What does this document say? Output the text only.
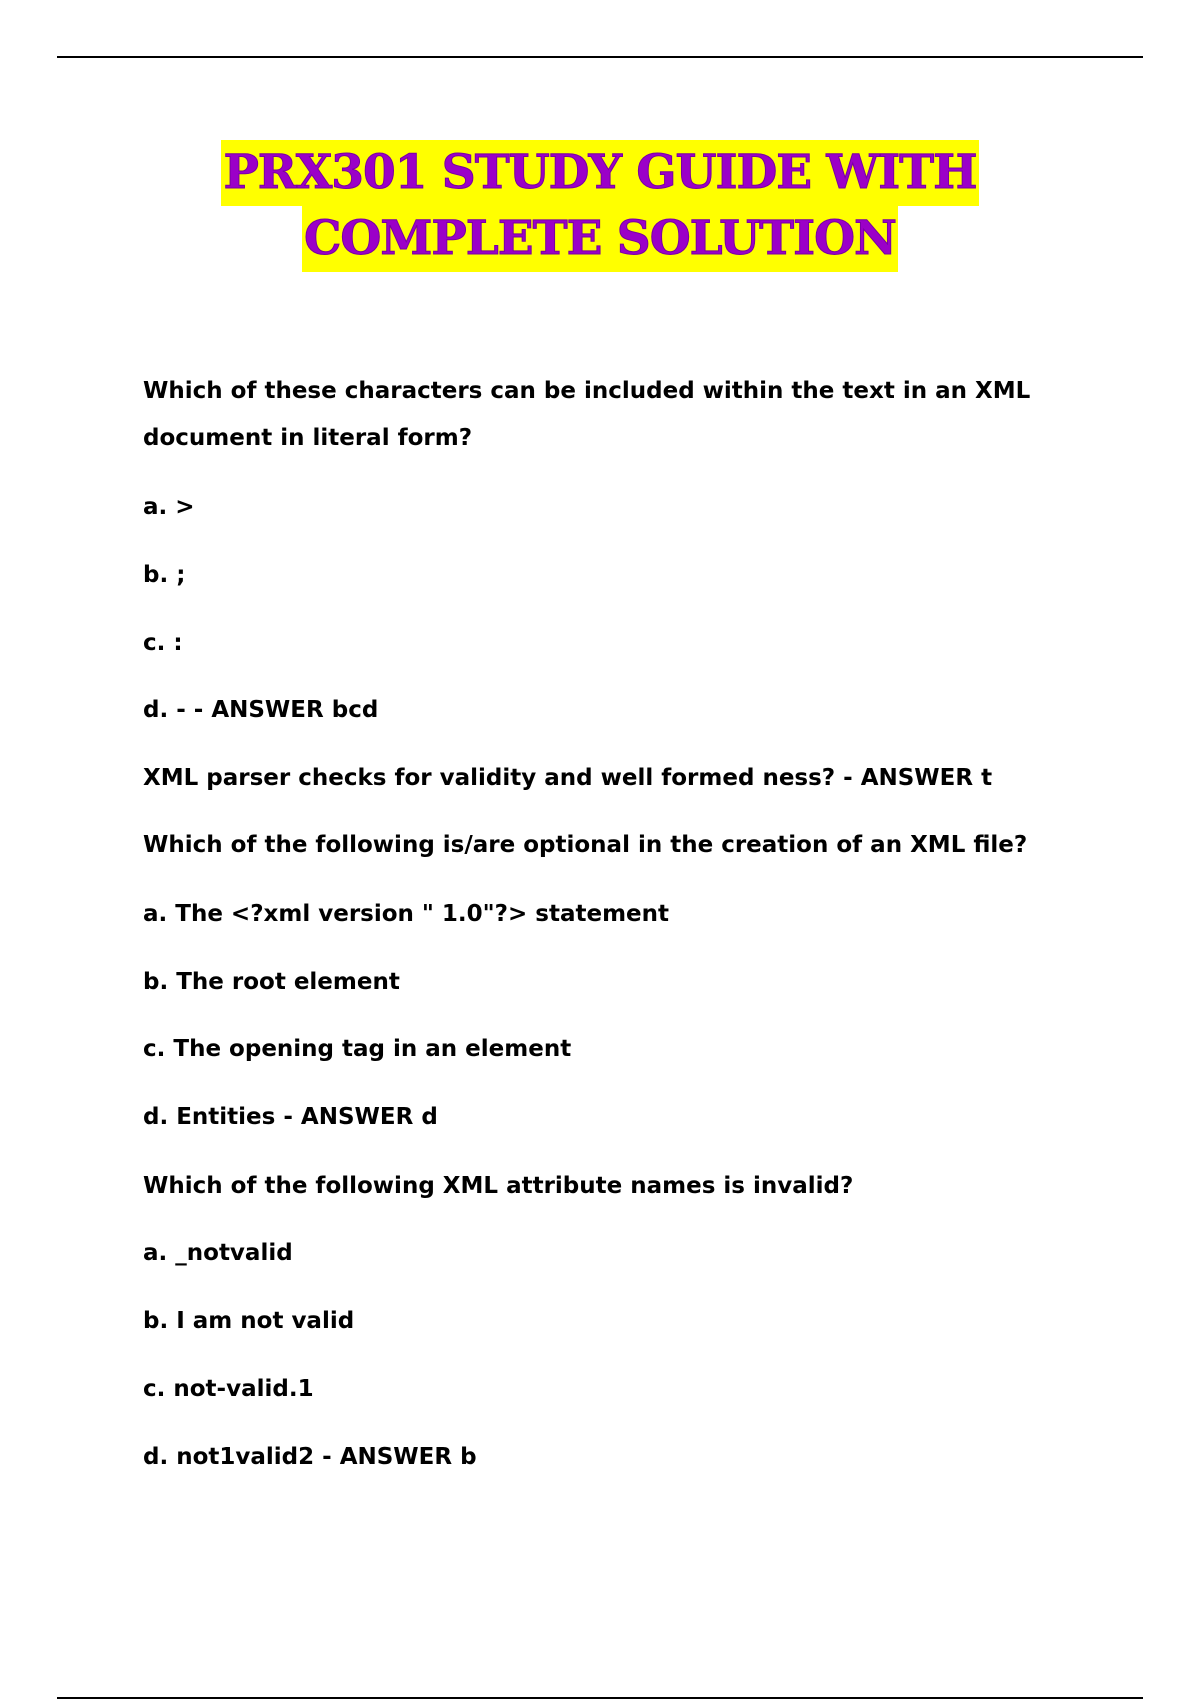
PRX301 STUDY GUIDE WITH
COMPLETE SOLUTION
Which of these characters can be included within the text in an XML
document in literal form?
a. >
b. ;
c. :
d. - - ANSWER bcd
XML parser checks for validity and well formed ness? - ANSWER t
Which of the following is/are optional in the creation of an XML file?
a. The <?xml version " 1.0"?> statement
b. The root element
c. The opening tag in an element
d. Entities - ANSWER d
Which of the following XML attribute names is invalid?
a. _notvalid
b. I am not valid
c. not-valid.1
d. not1valid2 - ANSWER b
